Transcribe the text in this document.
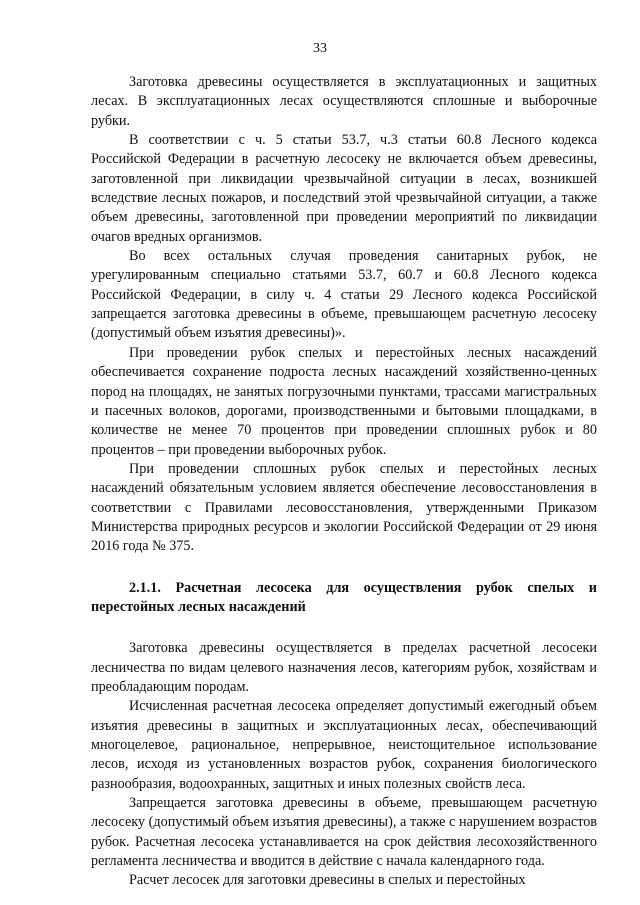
33

Заготовка древесины осуществляется в эксплуатационных и защитных лесах. В эксплуатационных лесах осуществляются сплошные и выборочные рубки.

В соответствии с ч. 5 статьи 53.7, ч.3 статьи 60.8 Лесного кодекса Российской Федерации в расчетную лесосеку не включается объем древесины, заготовленной при ликвидации чрезвычайной ситуации в лесах, возникшей вследствие лесных пожаров, и последствий этой чрезвычайной ситуации, а также объем древесины, заготовленной при проведении мероприятий по ликвидации очагов вредных организмов.

Во всех остальных случая проведения санитарных рубок, не урегулированным специально статьями 53.7, 60.7 и 60.8 Лесного кодекса Российской Федерации, в силу ч. 4 статьи 29 Лесного кодекса Российской запрещается заготовка древесины в объеме, превышающем расчетную лесосеку (допустимый объем изъятия древесины)».

При проведении рубок спелых и перестойных лесных насаждений обеспечивается сохранение подроста лесных насаждений хозяйственно-ценных пород на площадях, не занятых погрузочными пунктами, трассами магистральных и пасечных волоков, дорогами, производственными и бытовыми площадками, в количестве не менее 70 процентов при проведении сплошных рубок и 80 процентов – при проведении выборочных рубок.

При проведении сплошных рубок спелых и перестойных лесных насаждений обязательным условием является обеспечение лесовосстановления в соответствии с Правилами лесовосстановления, утвержденными Приказом Министерства природных ресурсов и экологии Российской Федерации от 29 июня 2016 года № 375.

2.1.1. Расчетная лесосека для осуществления рубок спелых и перестойных лесных насаждений

Заготовка древесины осуществляется в пределах расчетной лесосеки лесничества по видам целевого назначения лесов, категориям рубок, хозяйствам и преобладающим породам.

Исчисленная расчетная лесосека определяет допустимый ежегодный объем изъятия древесины в защитных и эксплуатационных лесах, обеспечивающий многоцелевое, рациональное, непрерывное, неистощительное использование лесов, исходя из установленных возрастов рубок, сохранения биологического разнообразия, водоохранных, защитных и иных полезных свойств леса.

Запрещается заготовка древесины в объеме, превышающем расчетную лесосеку (допустимый объем изъятия древесины), а также с нарушением возрастов рубок. Расчетная лесосека устанавливается на срок действия лесохозяйственного регламента лесничества и вводится в действие с начала календарного года.

Расчет лесосек для заготовки древесины в спелых и перестойных
